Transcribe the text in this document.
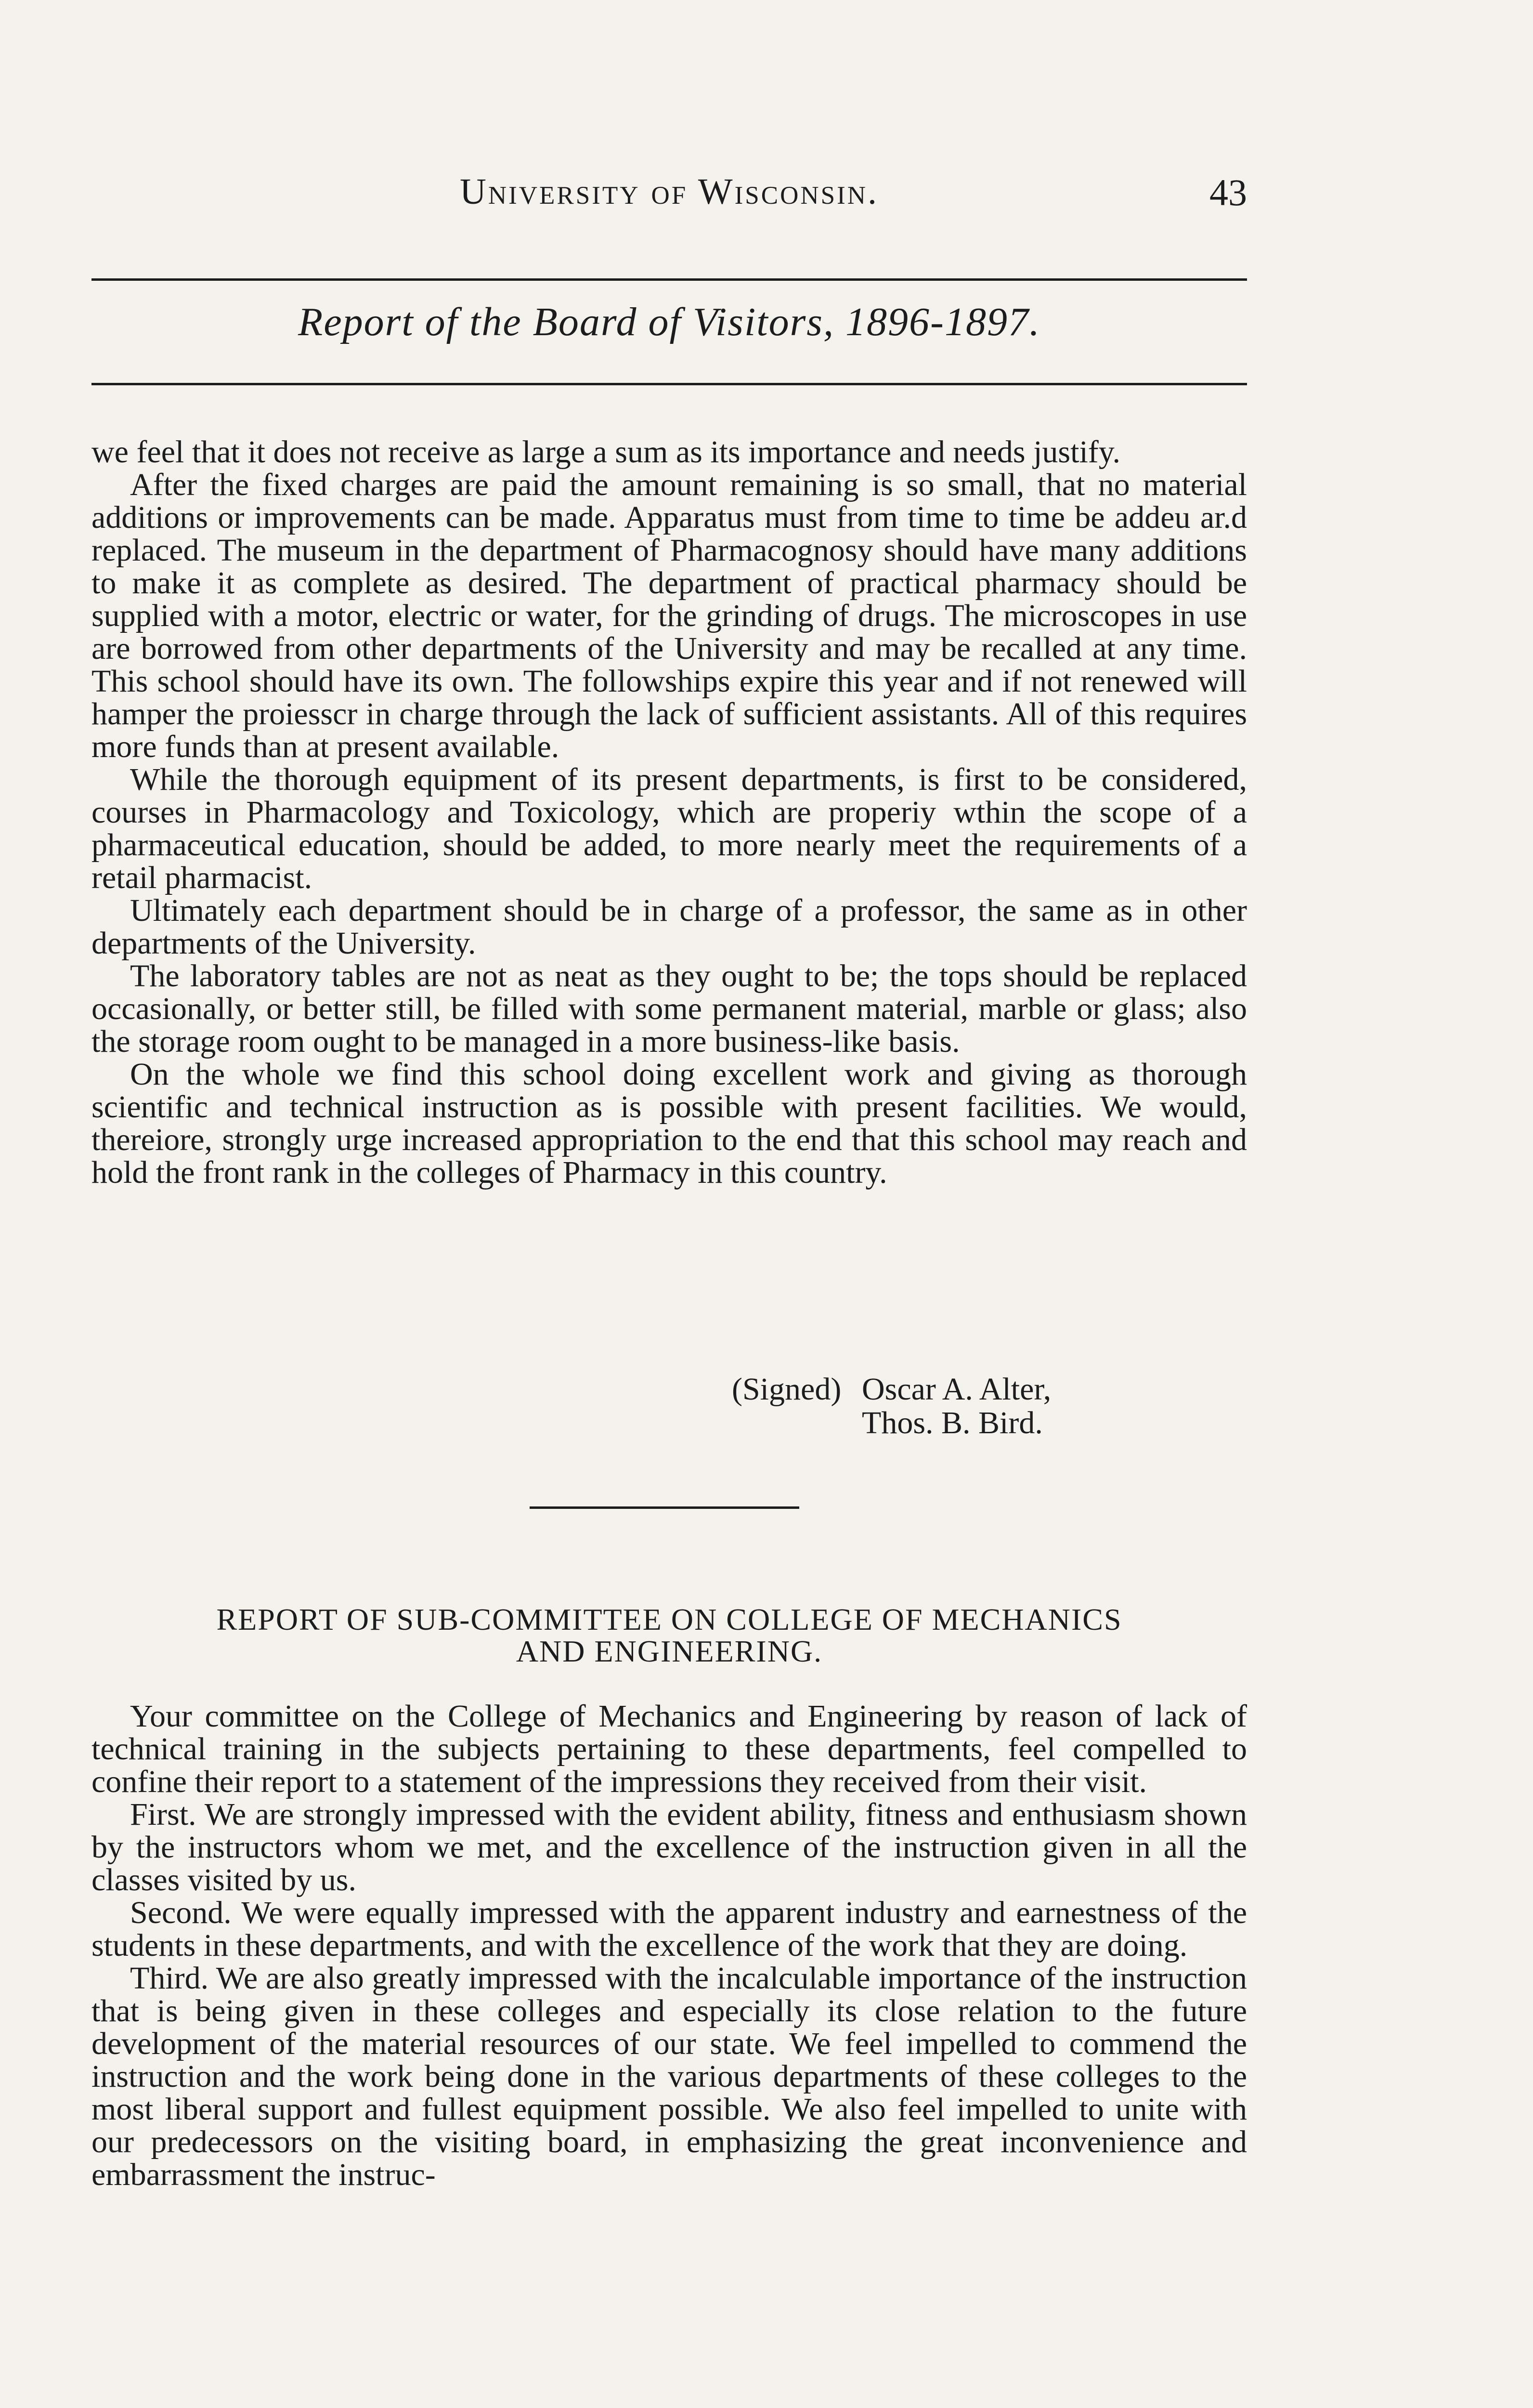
University of Wisconsin.	43
Report of the Board of Visitors, 1896-1897.

we feel that it does not receive as large a sum as its importance and needs justify.

After the fixed charges are paid the amount remaining is so small, that no material additions or improvements can be made. Apparatus must from time to time be addeu ar.d replaced. The museum in the department of Pharmacognosy should have many additions to make it as complete as desired. The department of practical pharmacy should be supplied with a motor, electric or water, for the grinding of drugs. The microscopes in use are borrowed from other departments of the University and may be recalled at any time. This school should have its own. The followships expire this year and if not renewed will hamper the proiesscr in charge through the lack of sufficient assistants. All of this requires more funds than at present available.

While the thorough equipment of its present departments, is first to be considered, courses in Pharmacology and Toxicology, which are properiy wthin the scope of a pharmaceutical education, should be added, to more nearly meet the requirements of a retail pharmacist.

Ultimately each department should be in charge of a professor, the same as in other departments of the University.

The laboratory tables are not as neat as they ought to be; the tops should be replaced occasionally, or better still, be filled with some permanent material, marble or glass; also the storage room ought to be managed in a more business-like basis.

On the whole we find this school doing excellent work and giving as thorough scientific and technical instruction as is possible with present facilities. We would, thereiore, strongly urge increased appropriation to the end that this school may reach and hold the front rank in the colleges of Pharmacy in this country.

(Signed) Oscar A. Alter,
Thos. B. Bird.
REPORT OF SUB-COMMITTEE ON COLLEGE OF MECHANICS
AND ENGINEERING.

Your committee on the College of Mechanics and Engineering by reason of lack of technical training in the subjects pertaining to these departments, feel compelled to confine their report to a statement of the impressions they received from their visit.

First. We are strongly impressed with the evident ability, fitness and enthusiasm shown by the instructors whom we met, and the excellence of the instruction given in all the classes visited by us.

Second. We were equally impressed with the apparent industry and earnestness of the students in these departments, and with the excellence of the work that they are doing.

Third. We are also greatly impressed with the incalculable importance of the instruction that is being given in these colleges and especially its close relation to the future development of the material resources of our state. We feel impelled to commend the instruction and the work being done in the various departments of these colleges to the most liberal support and fullest equipment possible. We also feel impelled to unite with our predecessors on the visiting board, in emphasizing the great inconvenience and embarrassment the instruc-
